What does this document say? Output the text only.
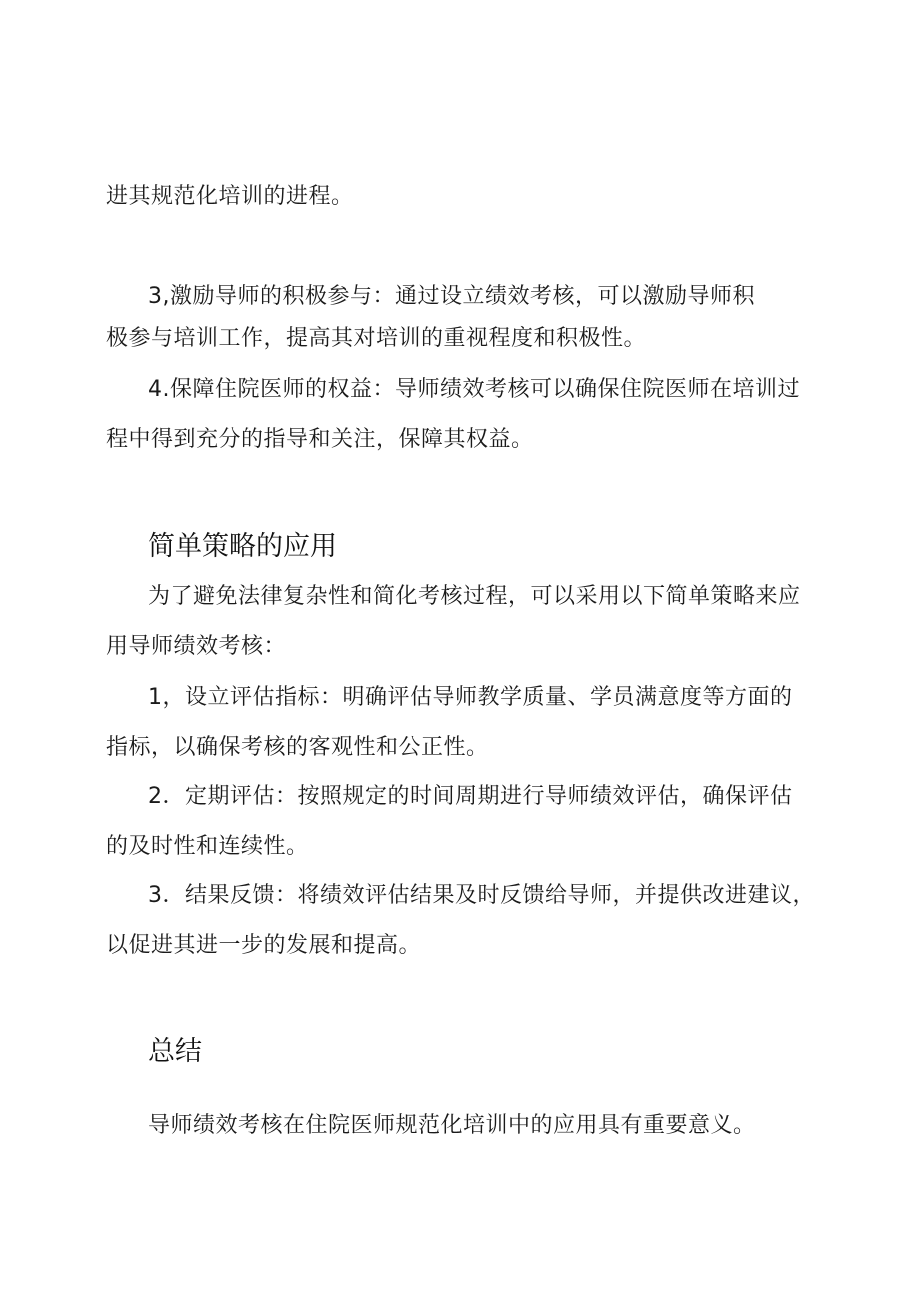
进其规范化培训的进程。
3,激励导师的积极参与：通过设立绩效考核，可以激励导师积
极参与培训工作，提高其对培训的重视程度和积极性。
4.保障住院医师的权益：导师绩效考核可以确保住院医师在培训过
程中得到充分的指导和关注，保障其权益。
简单策略的应用
为了避免法律复杂性和简化考核过程，可以采用以下简单策略来应
用导师绩效考核：
1，设立评估指标：明确评估导师教学质量、学员满意度等方面的
指标，以确保考核的客观性和公正性。
2．定期评估：按照规定的时间周期进行导师绩效评估，确保评估
的及时性和连续性。
3．结果反馈：将绩效评估结果及时反馈给导师，并提供改进建议，
以促进其进一步的发展和提高。
总结
导师绩效考核在住院医师规范化培训中的应用具有重要意义。
